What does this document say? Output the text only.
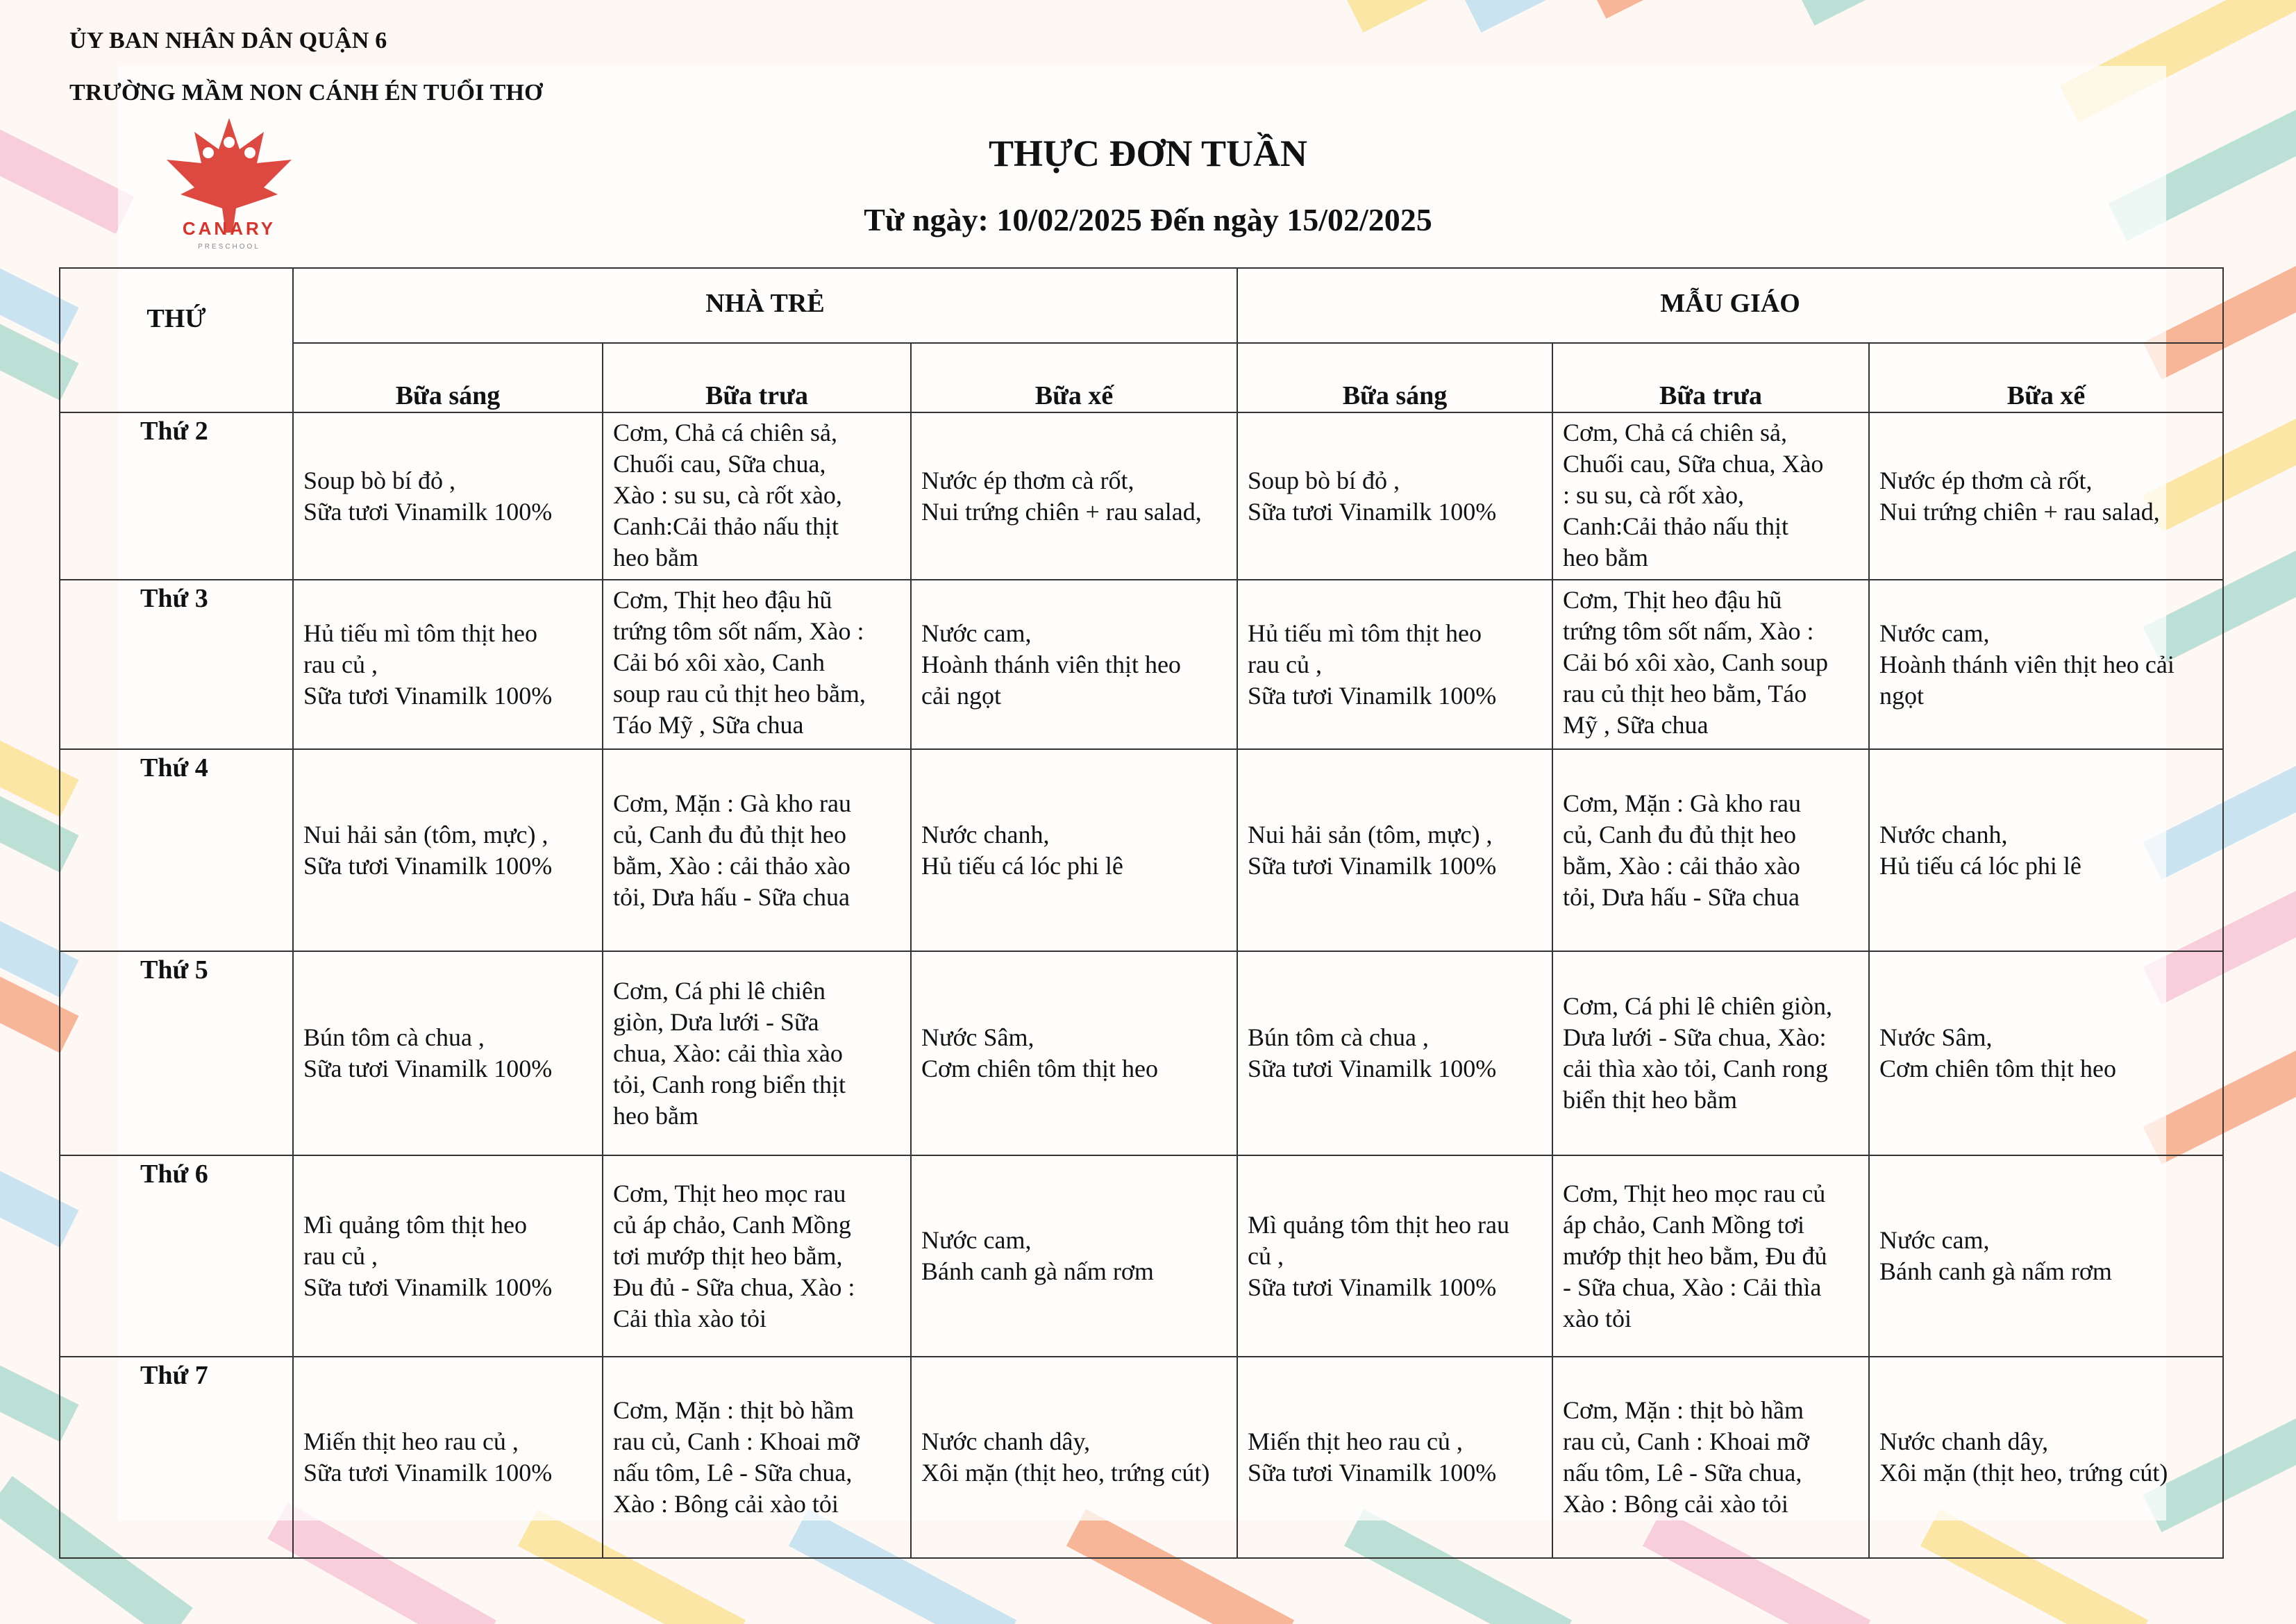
ỦY BAN NHÂN DÂN QUẬN 6
TRƯỜNG MẦM NON CÁNH ÉN TUỔI THƠ
CANARY
PRESCHOOL
THỰC ĐƠN TUẦN
Từ ngày: 10/02/2025 Đến ngày 15/02/2025
THỨ	NHÀ TRẺ			MẪU GIÁO		
	Bữa sáng	Bữa trưa	Bữa xế	Bữa sáng	Bữa trưa	Bữa xế
Thứ 2	Soup bò bí đỏ ,
Sữa tươi Vinamilk 100%	Cơm, Chả cá chiên sả,
Chuối cau, Sữa chua,
Xào : su su, cà rốt xào,
Canh:Cải thảo nấu thịt
heo bằm	Nước ép thơm cà rốt,
Nui trứng chiên + rau salad,	Soup bò bí đỏ ,
Sữa tươi Vinamilk 100%	Cơm, Chả cá chiên sả,
Chuối cau, Sữa chua, Xào
: su su, cà rốt xào,
Canh:Cải thảo nấu thịt
heo bằm	Nước ép thơm cà rốt,
Nui trứng chiên + rau salad,
Thứ 3	Hủ tiếu mì tôm thịt heo
rau củ ,
Sữa tươi Vinamilk 100%	Cơm, Thịt heo đậu hũ
trứng tôm sốt nấm, Xào :
Cải bó xôi xào, Canh
soup rau củ thịt heo bằm,
Táo Mỹ , Sữa chua	Nước cam,
Hoành thánh viên thịt heo
cải ngọt	Hủ tiếu mì tôm thịt heo
rau củ ,
Sữa tươi Vinamilk 100%	Cơm, Thịt heo đậu hũ
trứng tôm sốt nấm, Xào :
Cải bó xôi xào, Canh soup
rau củ thịt heo bằm, Táo
Mỹ , Sữa chua	Nước cam,
Hoành thánh viên thịt heo cải
ngọt
Thứ 4	Nui hải sản (tôm, mực) ,
Sữa tươi Vinamilk 100%	Cơm, Mặn : Gà kho rau
củ, Canh đu đủ thịt heo
bằm, Xào : cải thảo xào
tỏi, Dưa hấu - Sữa chua	Nước chanh,
Hủ tiếu cá lóc phi lê	Nui hải sản (tôm, mực) ,
Sữa tươi Vinamilk 100%	Cơm, Mặn : Gà kho rau
củ, Canh đu đủ thịt heo
bằm, Xào : cải thảo xào
tỏi, Dưa hấu - Sữa chua	Nước chanh,
Hủ tiếu cá lóc phi lê
Thứ 5	Bún tôm cà chua ,
Sữa tươi Vinamilk 100%	Cơm, Cá phi lê chiên
giòn, Dưa lưới - Sữa
chua, Xào: cải thìa xào
tỏi, Canh rong biển thịt
heo bằm	Nước Sâm,
Cơm chiên tôm thịt heo	Bún tôm cà chua ,
Sữa tươi Vinamilk 100%	Cơm, Cá phi lê chiên giòn,
Dưa lưới - Sữa chua, Xào:
cải thìa xào tỏi, Canh rong
biển thịt heo bằm	Nước Sâm,
Cơm chiên tôm thịt heo
Thứ 6	Mì quảng tôm thịt heo
rau củ ,
Sữa tươi Vinamilk 100%	Cơm, Thịt heo mọc rau
củ áp chảo, Canh Mồng
tơi mướp thịt heo bằm,
Đu đủ - Sữa chua, Xào :
Cải thìa xào tỏi	Nước cam,
Bánh canh gà nấm rơm	Mì quảng tôm thịt heo rau
củ ,
Sữa tươi Vinamilk 100%	Cơm, Thịt heo mọc rau củ
áp chảo, Canh Mồng tơi
mướp thịt heo bằm, Đu đủ
- Sữa chua, Xào : Cải thìa
xào tỏi	Nước cam,
Bánh canh gà nấm rơm
Thứ 7	Miến thịt heo rau củ ,
Sữa tươi Vinamilk 100%	Cơm, Mặn : thịt bò hầm
rau củ, Canh : Khoai mỡ
nấu tôm, Lê - Sữa chua,
Xào : Bông cải xào tỏi	Nước chanh dây,
Xôi mặn (thịt heo, trứng cút)	Miến thịt heo rau củ ,
Sữa tươi Vinamilk 100%	Cơm, Mặn : thịt bò hầm
rau củ, Canh : Khoai mỡ
nấu tôm, Lê - Sữa chua,
Xào : Bông cải xào tỏi	Nước chanh dây,
Xôi mặn (thịt heo, trứng cút)
